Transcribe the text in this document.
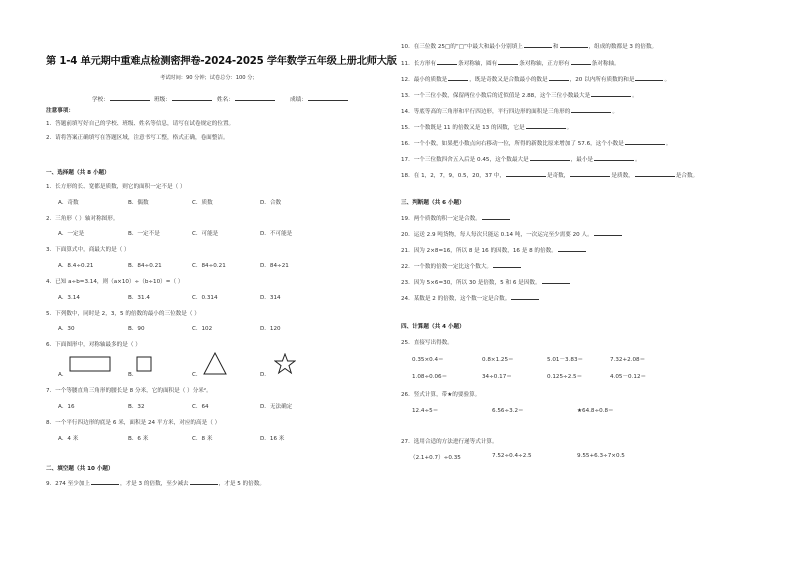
第 1-4 单元期中重难点检测密押卷-2024-2025 学年数学五年级上册北师大版
考试时间：90 分钟；试卷总分：100 分；
学校：	班级：	姓名：	成绩：
注意事项：
1．答题前填写好自己的学校、班级、姓名等信息，请写在试卷规定的位置。
2．请将答案正确填写在答题区域，注意书写工整，格式正确，卷面整洁。
一、选择题（共 8 小题）
1．长方形的长、宽都是质数，则它的面积一定不是（ ）
A．奇数	B．偶数	C．质数	D．合数
2．三角形（ ）轴对称图形。
A．一定是	B．一定不是	C．可能是	D．不可能是
3．下面算式中，商最大的是（ ）
A．8.4÷0.21	B．84÷0.21	C．84÷0.21	D．84÷21
4．已知 a÷b=3.14，则（a×10）÷（b÷10）=（ ）
A．3.14	B．31.4	C．0.314	D．314
5．下列数中，同时是 2，3，5 的倍数的最小的三位数是（ ）
A．30	B．90	C．102	D．120
6．下面图形中，对称轴最多的是（ ）
A．	B．	C．	D．
7．一个等腰直角三角形的腰长是 8 分米，它的面积是（ ）分米²。
A．16	B．32	C．64	D．无法确定
8．一个平行四边形的底是 6 米，面积是 24 平方米，对应的高是（ ）
A．4 米	B．6 米	C．8 米	D．16 米
二、填空题（共 10 小题）
9．274 至少加上	，才是 3 的倍数，至少减去	，才是 5 的倍数。
10．在三位数 25□的“□”中最大和最小分别填上	和	，组成的数都是 3 的倍数。
11．长方形有	条对称轴，圆有	条对称轴，正方形有	条对称轴。
12．最小的质数是	，既是奇数又是合数最小的数是	，20 以内所有质数的和是	。
13．一个三位小数，保留两位小数后的近似值是 2.88，这个三位小数最大是	。
14．等底等高的三角形和平行四边形，平行四边形的面积是三角形的	。
15．一个数既是 11 的倍数又是 13 的因数，它是	。
16．一个小数，如果把小数点向右移动一位，所得的新数比原来增加了 57.6，这个小数是	。
17．一个三位数四舍五入后是 0.45，这个数最大是	，最小是	。
18．在 1，2，7，9，0.5，20，37 中，	是奇数，	是质数，	是合数。
三、判断题（共 6 小题）
19．两个质数的积一定是合数。
20．运送 2.9 吨货物，每人每次只能运 0.14 吨，一次运完至少需要 20 人。
21．因为 2×8=16，所以 8 是 16 的因数，16 是 8 的倍数。
22．一个数的倍数一定比这个数大。
23．因为 5×6=30，所以 30 是倍数，5 和 6 是因数。
24．某数是 2 的倍数，这个数一定是合数。
四、计算题（共 4 小题）
25．直接写出得数。
0.35×0.4＝	0.8×1.25＝	5.01－3.83＝	7.32+2.08＝
1.08÷0.06＝	34÷0.17＝	0.125÷2.5＝	4.05－0.12＝
26．竖式计算，带★的要验算。
12.4÷5＝	6.56÷3.2＝	★64.8÷0.8＝
27．选用合适的方法进行递等式计算。
（2.1+0.7）÷0.35	7.52÷0.4÷2.5	9.55+6.3÷7×0.5
